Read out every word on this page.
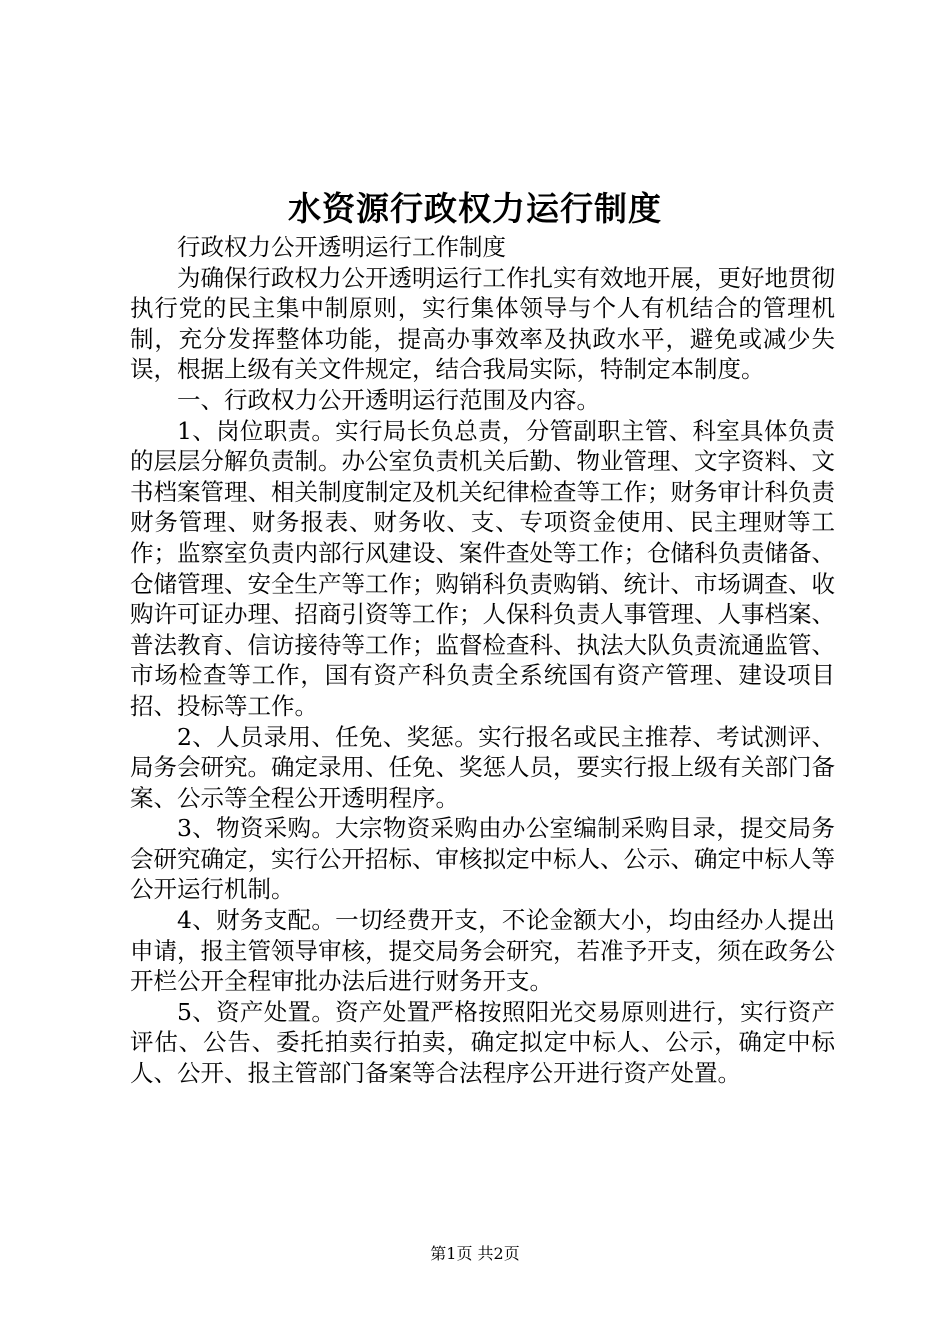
水资源行政权力运行制度

行政权力公开透明运行工作制度

为确保行政权力公开透明运行工作扎实有效地开展，更好地贯彻执行党的民主集中制原则，实行集体领导与个人有机结合的管理机制，充分发挥整体功能，提高办事效率及执政水平，避免或减少失误，根据上级有关文件规定，结合我局实际，特制定本制度。

一、行政权力公开透明运行范围及内容。

1、岗位职责。实行局长负总责，分管副职主管、科室具体负责的层层分解负责制。办公室负责机关后勤、物业管理、文字资料、文书档案管理、相关制度制定及机关纪律检查等工作；财务审计科负责财务管理、财务报表、财务收、支、专项资金使用、民主理财等工作；监察室负责内部行风建设、案件查处等工作；仓储科负责储备、仓储管理、安全生产等工作；购销科负责购销、统计、市场调查、收购许可证办理、招商引资等工作；人保科负责人事管理、人事档案、普法教育、信访接待等工作；监督检查科、执法大队负责流通监管、市场检查等工作，国有资产科负责全系统国有资产管理、建设项目招、投标等工作。

2、人员录用、任免、奖惩。实行报名或民主推荐、考试测评、局务会研究。确定录用、任免、奖惩人员，要实行报上级有关部门备案、公示等全程公开透明程序。

3、物资采购。大宗物资采购由办公室编制采购目录，提交局务会研究确定，实行公开招标、审核拟定中标人、公示、确定中标人等公开运行机制。

4、财务支配。一切经费开支，不论金额大小，均由经办人提出申请，报主管领导审核，提交局务会研究，若准予开支，须在政务公开栏公开全程审批办法后进行财务开支。

5、资产处置。资产处置严格按照阳光交易原则进行，实行资产评估、公告、委托拍卖行拍卖，确定拟定中标人、公示，确定中标人、公开、报主管部门备案等合法程序公开进行资产处置。

第1页 共2页
